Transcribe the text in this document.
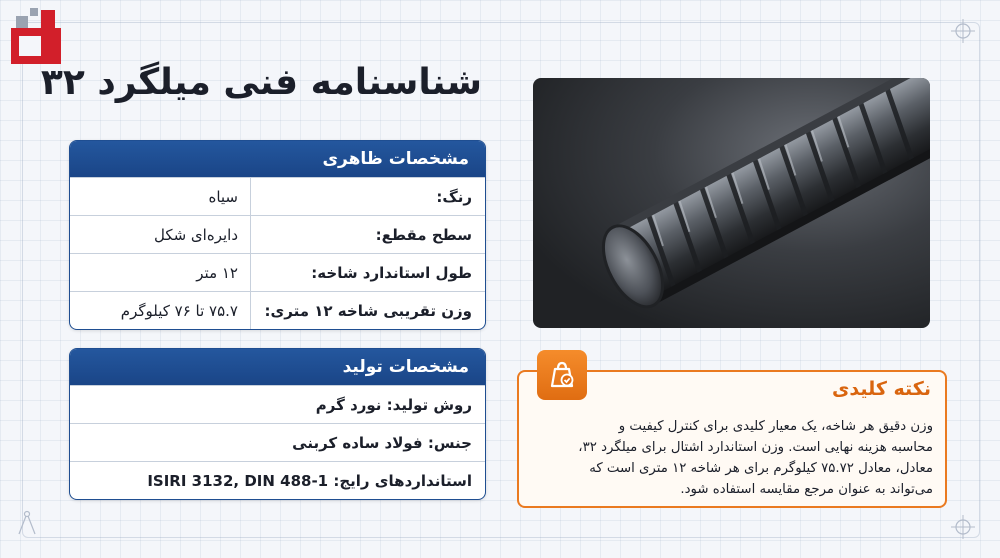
شناسنامه فنی میلگرد ۳۲
مشخصات ظاهری
رنگ:
سیاه
سطح مقطع:
دایره‌ای شکل
طول استاندارد شاخه:
۱۲ متر
وزن تقریبی شاخه ۱۲ متری:
۷۵.۷ تا ۷۶ کیلوگرم
مشخصات تولید
روش تولید: نورد گرم
جنس: فولاد ساده کربنی
استانداردهای رایج: ISIRI 3132, DIN 488-1
نکته کلیدی
وزن دقیق هر شاخه، یک معیار کلیدی برای کنترل کیفیت و
محاسبه هزینه نهایی است. وزن استاندارد اشتال برای میلگرد ۳۲،
معادل، معادل ۷۵.۷۲ کیلوگرم برای هر شاخه ۱۲ متری است که
می‌تواند به عنوان مرجع مقایسه استفاده شود.
